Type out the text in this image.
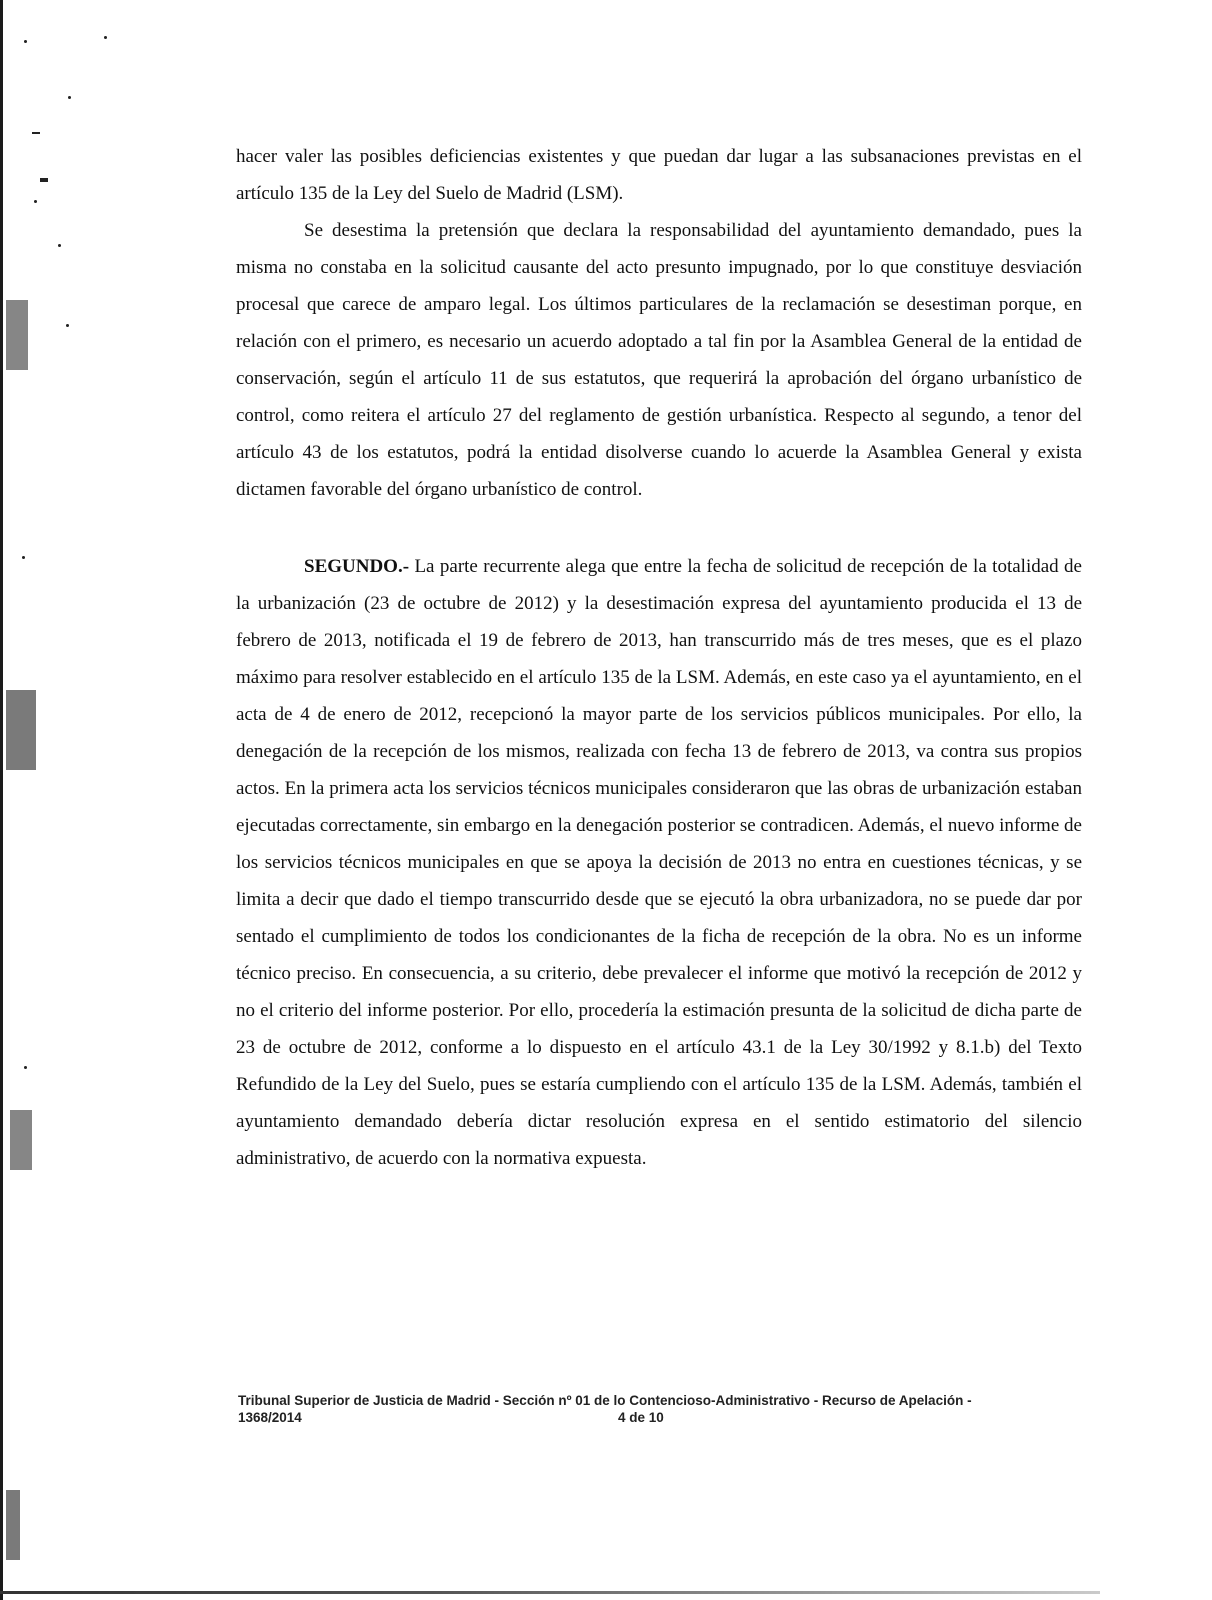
hacer valer las posibles deficiencias existentes y que puedan dar lugar a las subsanaciones previstas en el artículo 135 de la Ley del Suelo de Madrid (LSM).

Se desestima la pretensión que declara la responsabilidad del ayuntamiento demandado, pues la misma no constaba en la solicitud causante del acto presunto impugnado, por lo que constituye desviación procesal que carece de amparo legal. Los últimos particulares de la reclamación se desestiman porque, en relación con el primero, es necesario un acuerdo adoptado a tal fin por la Asamblea General de la entidad de conservación, según el artículo 11 de sus estatutos, que requerirá la aprobación del órgano urbanístico de control, como reitera el artículo 27 del reglamento de gestión urbanística. Respecto al segundo, a tenor del artículo 43 de los estatutos, podrá la entidad disolverse cuando lo acuerde la Asamblea General y exista dictamen favorable del órgano urbanístico de control.

SEGUNDO.- La parte recurrente alega que entre la fecha de solicitud de recepción de la totalidad de la urbanización (23 de octubre de 2012) y la desestimación expresa del ayuntamiento producida el 13 de febrero de 2013, notificada el 19 de febrero de 2013, han transcurrido más de tres meses, que es el plazo máximo para resolver establecido en el artículo 135 de la LSM. Además, en este caso ya el ayuntamiento, en el acta de 4 de enero de 2012, recepcionó la mayor parte de los servicios públicos municipales. Por ello, la denegación de la recepción de los mismos, realizada con fecha 13 de febrero de 2013, va contra sus propios actos. En la primera acta los servicios técnicos municipales consideraron que las obras de urbanización estaban ejecutadas correctamente, sin embargo en la denegación posterior se contradicen. Además, el nuevo informe de los servicios técnicos municipales en que se apoya la decisión de 2013 no entra en cuestiones técnicas, y se limita a decir que dado el tiempo transcurrido desde que se ejecutó la obra urbanizadora, no se puede dar por sentado el cumplimiento de todos los condicionantes de la ficha de recepción de la obra. No es un informe técnico preciso. En consecuencia, a su criterio, debe prevalecer el informe que motivó la recepción de 2012 y no el criterio del informe posterior. Por ello, procedería la estimación presunta de la solicitud de dicha parte de 23 de octubre de 2012, conforme a lo dispuesto en el artículo 43.1 de la Ley 30/1992 y 8.1.b) del Texto Refundido de la Ley del Suelo, pues se estaría cumpliendo con el artículo 135 de la LSM. Además, también el ayuntamiento demandado debería dictar resolución expresa en el sentido estimatorio del silencio administrativo, de acuerdo con la normativa expuesta.

Tribunal Superior de Justicia de Madrid - Sección nº 01 de lo Contencioso-Administrativo - Recurso de Apelación -
1368/2014	4 de 10
